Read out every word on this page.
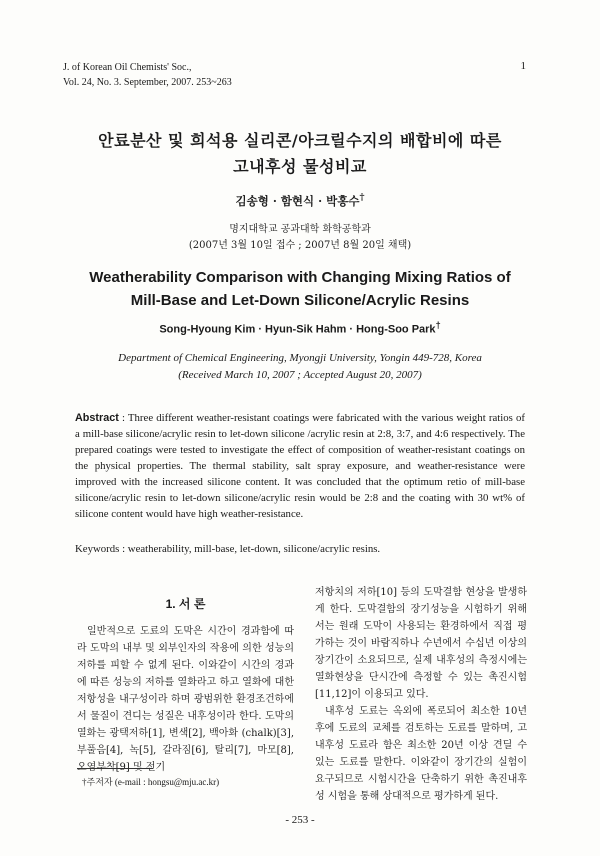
J. of Korean Oil Chemists' Soc.,
Vol. 24, No. 3. September, 2007. 253~263
1
안료분산 및 희석용 실리콘/아크릴수지의 배합비에 따른
고내후성 물성비교
김송형 · 함현식 · 박홍수†
명지대학교 공과대학 화학공학과
(2007년 3월 10일 접수 ; 2007년 8월 20일 채택)
Weatherability Comparison with Changing Mixing Ratios of
Mill-Base and Let-Down Silicone/Acrylic Resins
Song-Hyoung Kim · Hyun-Sik Hahm · Hong-Soo Park†
Department of Chemical Engineering, Myongji University, Yongin 449-728, Korea
(Received March 10, 2007 ; Accepted August 20, 2007)
Abstract : Three different weather-resistant coatings were fabricated with the various weight ratios of a mill-base silicone/acrylic resin to let-down silicone /acrylic resin at 2:8, 3:7, and 4:6 respectively. The prepared coatings were tested to investigate the effect of composition of weather-resistant coatings on the physical properties. The thermal stability, salt spray exposure, and weather-resistance were improved with the increased silicone content. It was concluded that the optimum retio of mill-base silicone/acrylic resin to let-down silicone/acrylic resin would be 2:8 and the coating with 30 wt% of silicone content would have high weather-resistance.
Keywords : weatherability, mill-base, let-down, silicone/acrylic resins.
1. 서 론

일반적으로 도료의 도막은 시간이 경과함에 따라 도막의 내부 및 외부인자의 작용에 의한 성능의 저하를 피할 수 없게 된다. 이와같이 시간의 경과에 따른 성능의 저하를 열화라고 하고 열화에 대한 저항성을 내구성이라 하며 광범위한 환경조건하에서 물질이 견디는 성질은 내후성이라 한다. 도막의 열화는 광택저하[1], 변색[2], 백아화 (chalk)[3], 부풀음[4], 녹[5], 갈라짐[6], 탈리[7], 마모[8], 오염부착[9] 및 전기

저항치의 저하[10] 등의 도막결함 현상을 발생하게 한다. 도막결함의 장기성능을 시험하기 위해서는 원래 도막이 사용되는 환경하에서 직접 평가하는 것이 바람직하나 수년에서 수십년 이상의 장기간이 소요되므로, 실제 내후성의 측정시에는 열화현상을 단시간에 측정할 수 있는 촉진시험[11,12]이 이용되고 있다.

내후성 도료는 옥외에 폭로되어 최소한 10년후에 도료의 교체를 검토하는 도료를 말하며, 고내후성 도료라 함은 최소한 20년 이상 견딜 수 있는 도료를 말한다. 이와같이 장기간의 실험이 요구되므로 시험시간을 단축하기 위한 촉진내후성 시험을 통해 상대적으로 평가하게 된다.

†주저자 (e-mail : hongsu@mju.ac.kr)
- 253 -
